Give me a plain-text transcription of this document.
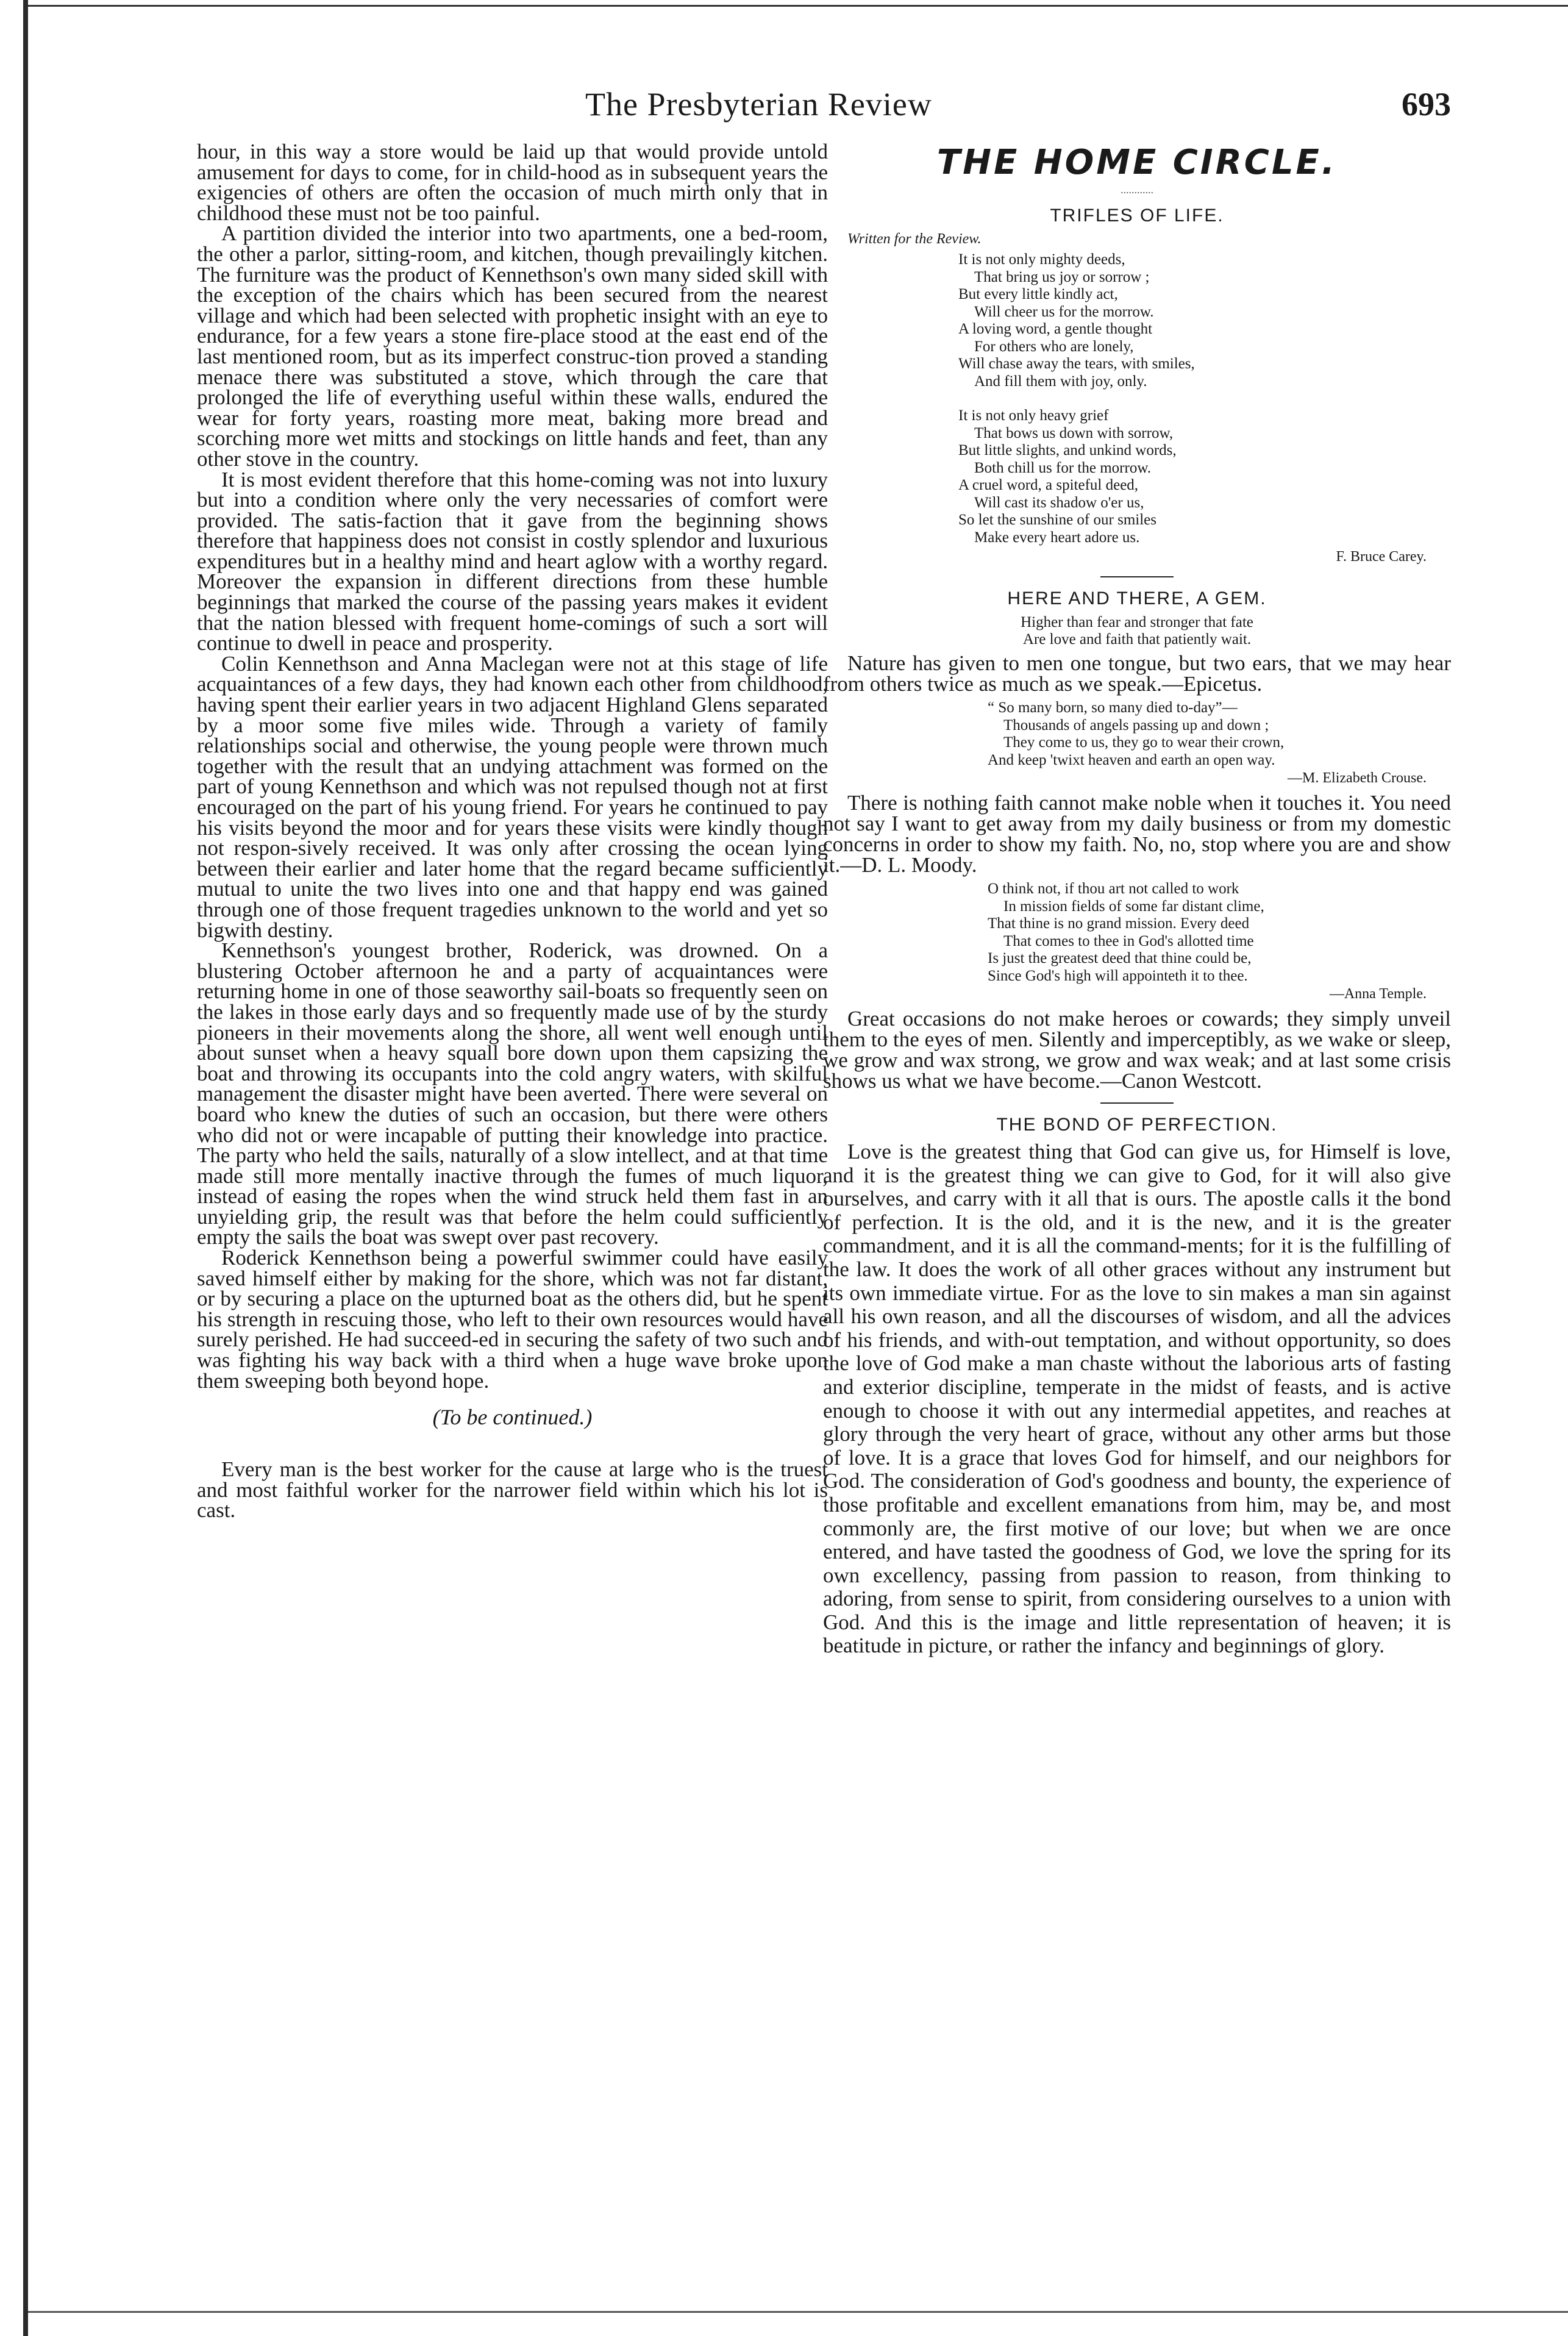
The Presbyterian Review	693

hour, in this way a store would be laid up that would provide untold amusement for days to come, for in child-hood as in subsequent years the exigencies of others are often the occasion of much mirth only that in childhood these must not be too painful.

A partition divided the interior into two apartments, one a bed-room, the other a parlor, sitting-room, and kitchen, though prevailingly kitchen. The furniture was the product of Kennethson's own many sided skill with the exception of the chairs which has been secured from the nearest village and which had been selected with prophetic insight with an eye to endurance, for a few years a stone fire-place stood at the east end of the last mentioned room, but as its imperfect construc-tion proved a standing menace there was substituted a stove, which through the care that prolonged the life of everything useful within these walls, endured the wear for forty years, roasting more meat, baking more bread and scorching more wet mitts and stockings on little hands and feet, than any other stove in the country.

It is most evident therefore that this home-coming was not into luxury but into a condition where only the very necessaries of comfort were provided. The satis-faction that it gave from the beginning shows therefore that happiness does not consist in costly splendor and luxurious expenditures but in a healthy mind and heart aglow with a worthy regard. Moreover the expansion in different directions from these humble beginnings that marked the course of the passing years makes it evident that the nation blessed with frequent home-comings of such a sort will continue to dwell in peace and prosperity.

Colin Kennethson and Anna Maclegan were not at this stage of life acquaintances of a few days, they had known each other from childhood, having spent their earlier years in two adjacent Highland Glens separated by a moor some five miles wide. Through a variety of family relationships social and otherwise, the young people were thrown much together with the result that an undying attachment was formed on the part of young Kennethson and which was not repulsed though not at first encouraged on the part of his young friend. For years he continued to pay his visits beyond the moor and for years these visits were kindly though not respon-sively received. It was only after crossing the ocean lying between their earlier and later home that the regard became sufficiently mutual to unite the two lives into one and that happy end was gained through one of those frequent tragedies unknown to the world and yet so bigwith destiny.

Kennethson's youngest brother, Roderick, was drowned. On a blustering October afternoon he and a party of acquaintances were returning home in one of those seaworthy sail-boats so frequently seen on the lakes in those early days and so frequently made use of by the sturdy pioneers in their movements along the shore, all went well enough until about sunset when a heavy squall bore down upon them capsizing the boat and throwing its occupants into the cold angry waters, with skilful management the disaster might have been averted. There were several on board who knew the duties of such an occasion, but there were others who did not or were incapable of putting their knowledge into practice. The party who held the sails, naturally of a slow intellect, and at that time made still more mentally inactive through the fumes of much liquor, instead of easing the ropes when the wind struck held them fast in an unyielding grip, the result was that before the helm could sufficiently empty the sails the boat was swept over past recovery.

Roderick Kennethson being a powerful swimmer could have easily saved himself either by making for the shore, which was not far distant, or by securing a place on the upturned boat as the others did, but he spent his strength in rescuing those, who left to their own resources would have surely perished. He had succeed-ed in securing the safety of two such and was fighting his way back with a third when a huge wave broke upon them sweeping both beyond hope.

(To be continued.)

Every man is the best worker for the cause at large who is the truest and most faithful worker for the narrower field within which his lot is cast.

THE HOME CIRCLE.
............
TRIFLES OF LIFE.
Written for the Review.
It is not only mighty deeds,
That bring us joy or sorrow ;
But every little kindly act,
Will cheer us for the morrow.
A loving word, a gentle thought
For others who are lonely,
Will chase away the tears, with smiles,
And fill them with joy, only.
It is not only heavy grief
That bows us down with sorrow,
But little slights, and unkind words,
Both chill us for the morrow.
A cruel word, a spiteful deed,
Will cast its shadow o'er us,
So let the sunshine of our smiles
Make every heart adore us.
F. Bruce Carey.
HERE AND THERE, A GEM.
Higher than fear and stronger that fate
Are love and faith that patiently wait.

Nature has given to men one tongue, but two ears, that we may hear from others twice as much as we speak.—Epicetus.

“ So many born, so many died to-day”—
Thousands of angels passing up and down ;
They come to us, they go to wear their crown,
And keep 'twixt heaven and earth an open way.
—M. Elizabeth Crouse.

There is nothing faith cannot make noble when it touches it. You need not say I want to get away from my daily business or from my domestic concerns in order to show my faith. No, no, stop where you are and show it.—D. L. Moody.

O think not, if thou art not called to work
In mission fields of some far distant clime,
That thine is no grand mission. Every deed
That comes to thee in God's allotted time
Is just the greatest deed that thine could be,
Since God's high will appointeth it to thee.
—Anna Temple.

Great occasions do not make heroes or cowards; they simply unveil them to the eyes of men. Silently and imperceptibly, as we wake or sleep, we grow and wax strong, we grow and wax weak; and at last some crisis shows us what we have become.—Canon Westcott.

THE BOND OF PERFECTION.

Love is the greatest thing that God can give us, for Himself is love, and it is the greatest thing we can give to God, for it will also give ourselves, and carry with it all that is ours. The apostle calls it the bond of perfection. It is the old, and it is the new, and it is the greater commandment, and it is all the command-ments; for it is the fulfilling of the law. It does the work of all other graces without any instrument but its own immediate virtue. For as the love to sin makes a man sin against all his own reason, and all the discourses of wisdom, and all the advices of his friends, and with-out temptation, and without opportunity, so does the love of God make a man chaste without the laborious arts of fasting and exterior discipline, temperate in the midst of feasts, and is active enough to choose it with out any intermedial appetites, and reaches at glory through the very heart of grace, without any other arms but those of love. It is a grace that loves God for himself, and our neighbors for God. The consideration of God's goodness and bounty, the experience of those profitable and excellent emanations from him, may be, and most commonly are, the first motive of our love; but when we are once entered, and have tasted the goodness of God, we love the spring for its own excellency, passing from passion to reason, from thinking to adoring, from sense to spirit, from considering ourselves to a union with God. And this is the image and little representation of heaven; it is beatitude in picture, or rather the infancy and beginnings of glory.
